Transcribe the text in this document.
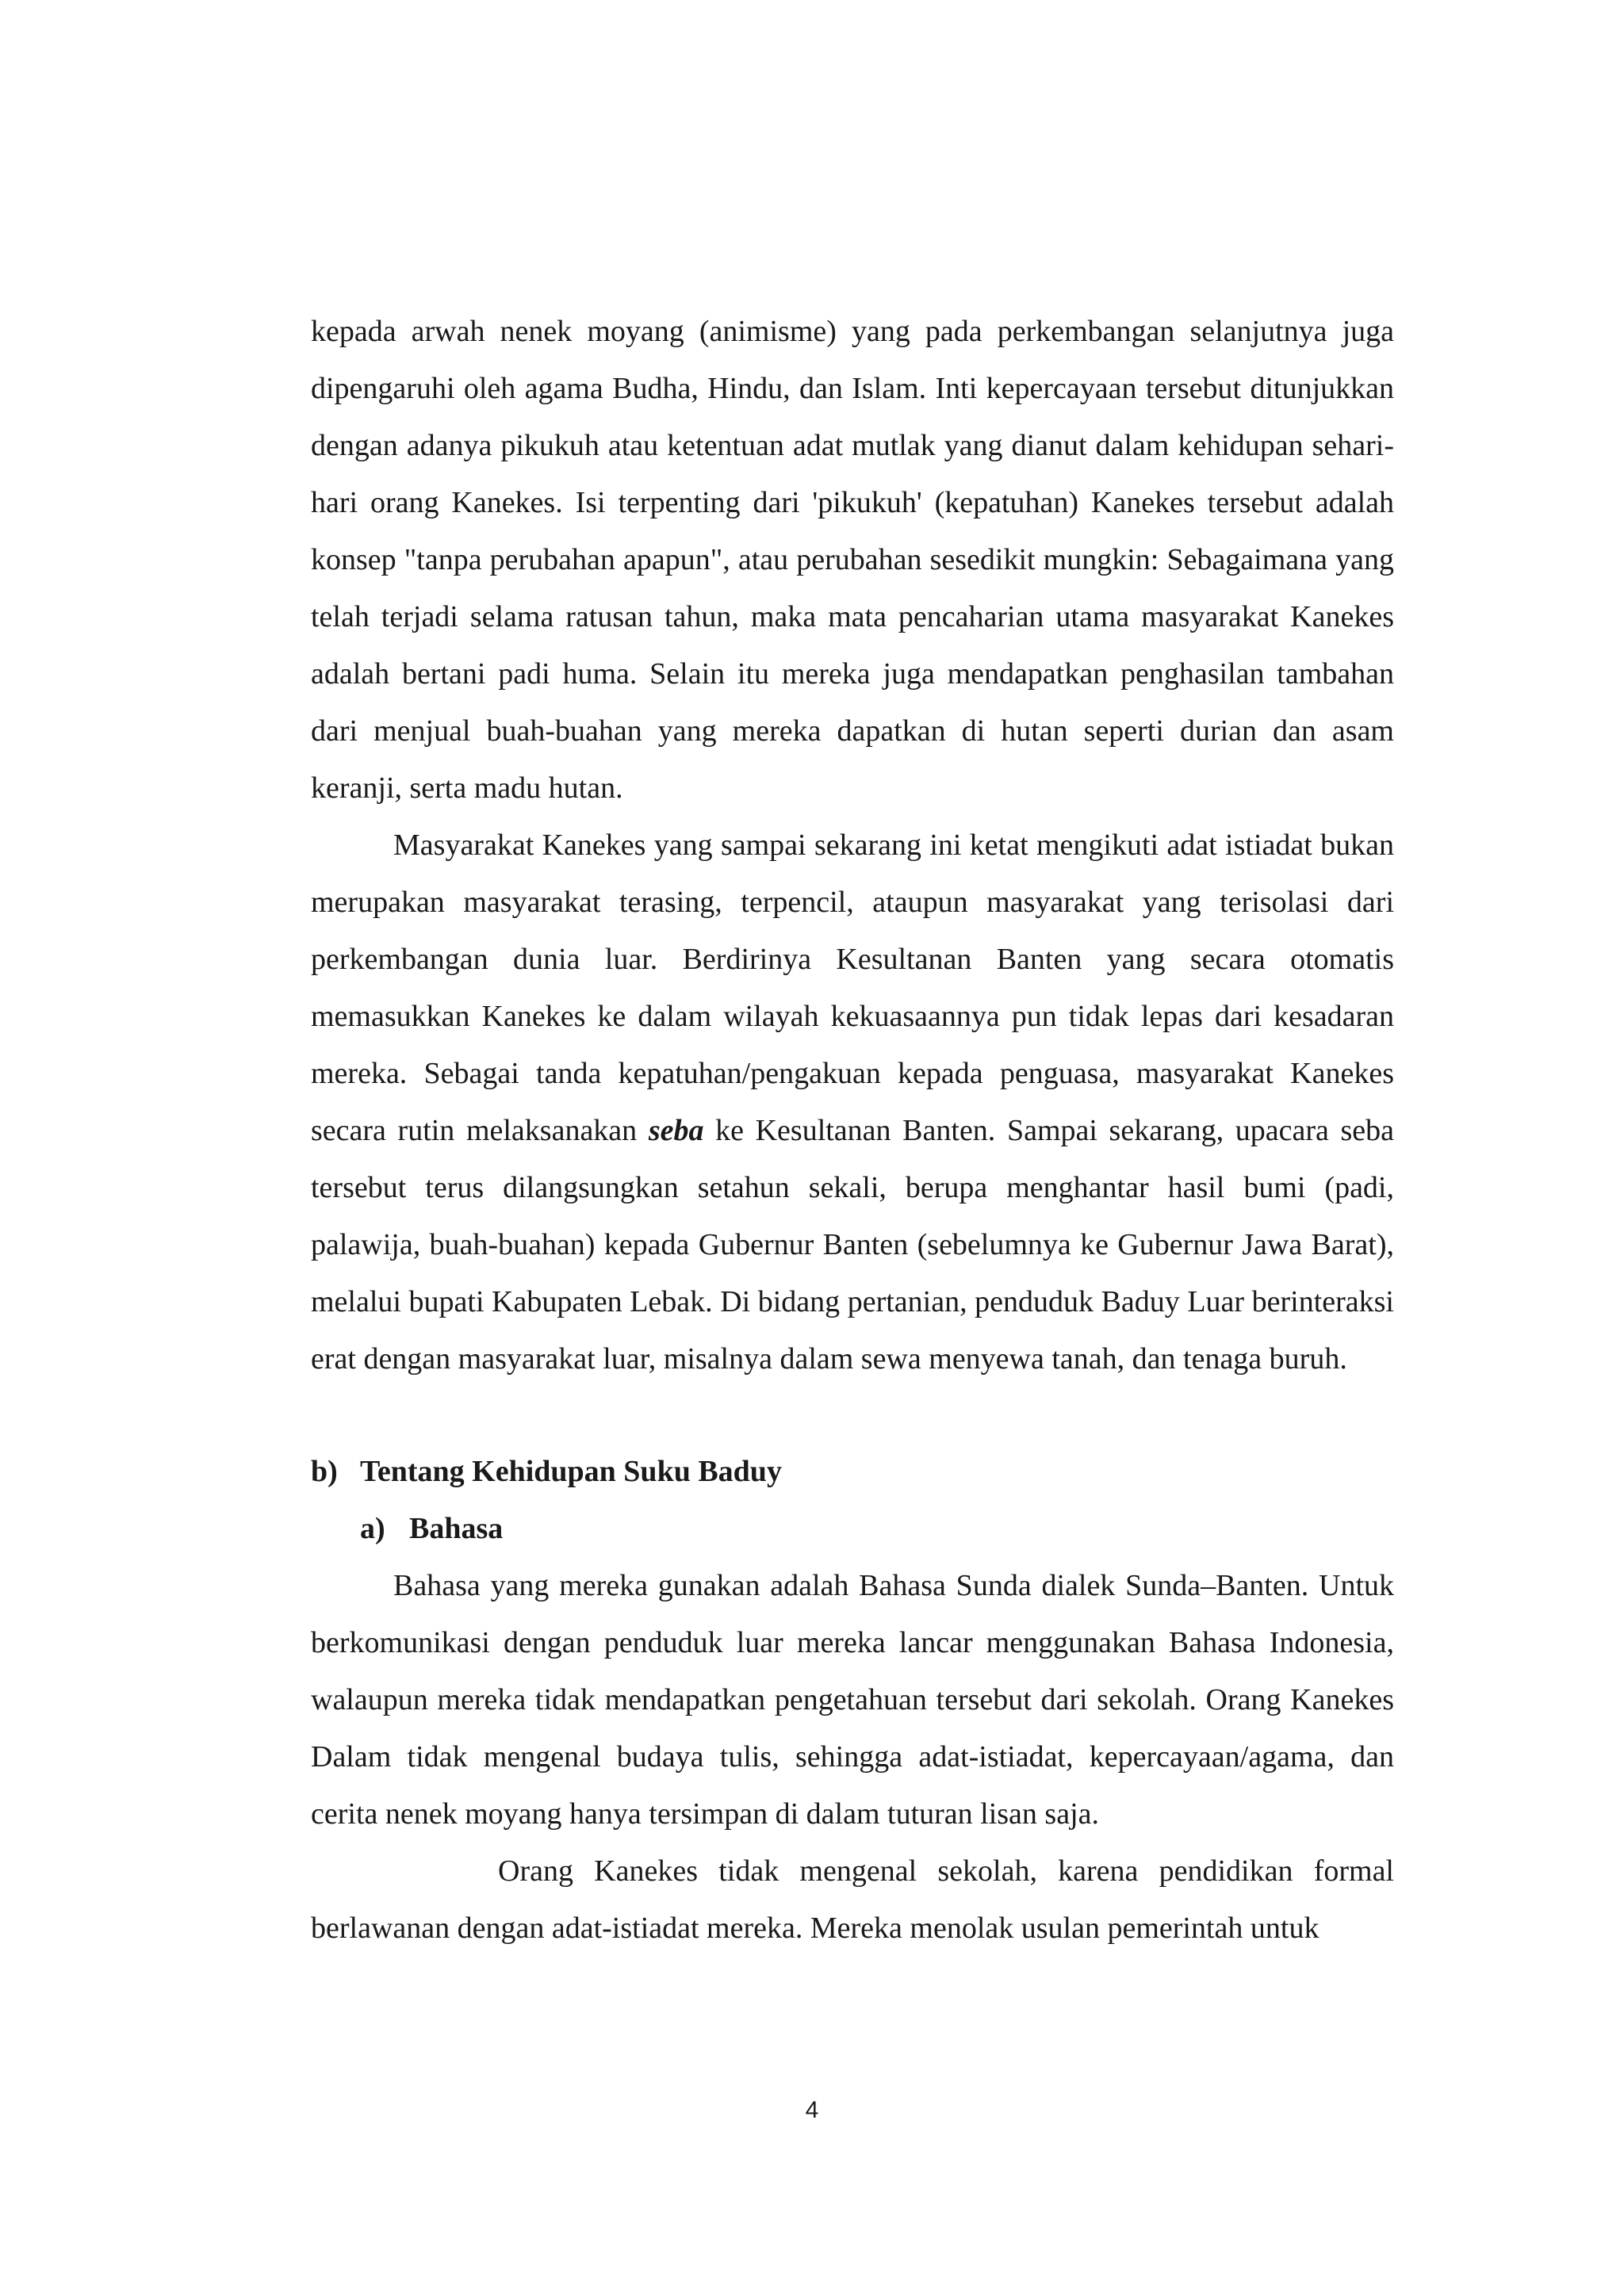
kepada arwah nenek moyang (animisme) yang pada perkembangan selanjutnya juga dipengaruhi oleh agama Budha, Hindu, dan Islam. Inti kepercayaan tersebut ditunjukkan dengan adanya pikukuh atau ketentuan adat mutlak yang dianut dalam kehidupan sehari-hari orang Kanekes. Isi terpenting dari 'pikukuh' (kepatuhan) Kanekes tersebut adalah konsep "tanpa perubahan apapun", atau perubahan sesedikit mungkin: Sebagaimana yang telah terjadi selama ratusan tahun, maka mata pencaharian utama masyarakat Kanekes adalah bertani padi huma. Selain itu mereka juga mendapatkan penghasilan tambahan dari menjual buah-buahan yang mereka dapatkan di hutan seperti durian dan asam keranji, serta madu hutan.

Masyarakat Kanekes yang sampai sekarang ini ketat mengikuti adat istiadat bukan merupakan masyarakat terasing, terpencil, ataupun masyarakat yang terisolasi dari perkembangan dunia luar. Berdirinya Kesultanan Banten yang secara otomatis memasukkan Kanekes ke dalam wilayah kekuasaannya pun tidak lepas dari kesadaran mereka. Sebagai tanda kepatuhan/pengakuan kepada penguasa, masyarakat Kanekes secara rutin melaksanakan seba ke Kesultanan Banten. Sampai sekarang, upacara seba tersebut terus dilangsungkan setahun sekali, berupa menghantar hasil bumi (padi, palawija, buah-buahan) kepada Gubernur Banten (sebelumnya ke Gubernur Jawa Barat), melalui bupati Kabupaten Lebak. Di bidang pertanian, penduduk Baduy Luar berinteraksi erat dengan masyarakat luar, misalnya dalam sewa menyewa tanah, dan tenaga buruh.

b) Tentang Kehidupan Suku Baduy
a) Bahasa

Bahasa yang mereka gunakan adalah Bahasa Sunda dialek Sunda–Banten. Untuk berkomunikasi dengan penduduk luar mereka lancar menggunakan Bahasa Indonesia, walaupun mereka tidak mendapatkan pengetahuan tersebut dari sekolah. Orang Kanekes Dalam tidak mengenal budaya tulis, sehingga adat-istiadat, kepercayaan/agama, dan cerita nenek moyang hanya tersimpan di dalam tuturan lisan saja.

Orang Kanekes tidak mengenal sekolah, karena pendidikan formal berlawanan dengan adat-istiadat mereka. Mereka menolak usulan pemerintah untuk

4
